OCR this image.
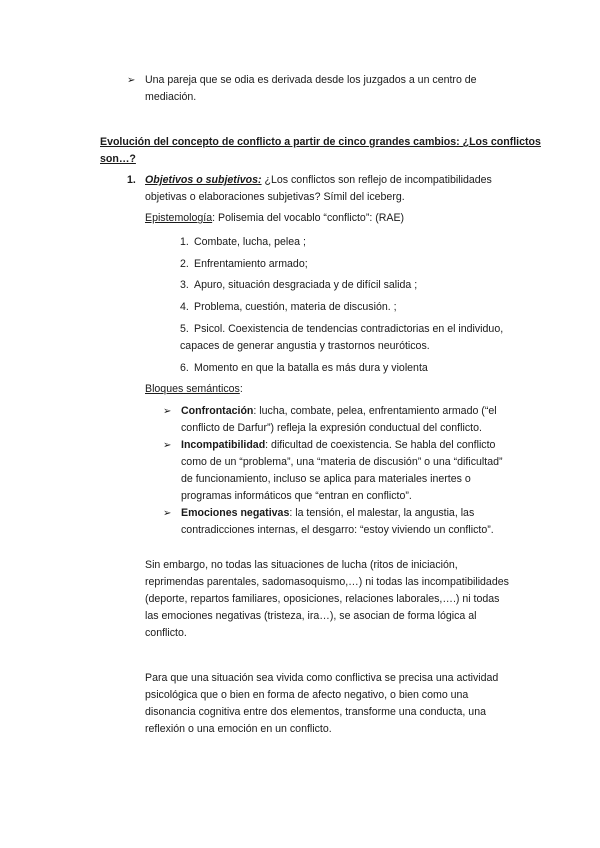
➢ Una pareja que se odia es derivada desde los juzgados a un centro de
mediación.
Evolución del concepto de conflicto a partir de cinco grandes cambios: ¿Los conflictos
son…?
1. Objetivos o subjetivos: ¿Los conflictos son reflejo de incompatibilidades
objetivas o elaboraciones subjetivas? Símil del iceberg.
Epistemología: Polisemia del vocablo “conflicto”: (RAE)
1. Combate, lucha, pelea ;
2. Enfrentamiento armado;
3. Apuro, situación desgraciada y de difícil salida ;
4. Problema, cuestión, materia de discusión. ;
5. Psicol. Coexistencia de tendencias contradictorias en el individuo,
capaces de generar angustia y trastornos neuróticos.
6. Momento en que la batalla es más dura y violenta
Bloques semánticos:
➢ Confrontación: lucha, combate, pelea, enfrentamiento armado (“el
conflicto de Darfur”) refleja la expresión conductual del conflicto.
➢ Incompatibilidad: dificultad de coexistencia. Se habla del conflicto
como de un “problema”, una “materia de discusión” o una “dificultad”
de funcionamiento, incluso se aplica para materiales inertes o
programas informáticos que “entran en conflicto”.
➢ Emociones negativas: la tensión, el malestar, la angustia, las
contradicciones internas, el desgarro: “estoy viviendo un conflicto”.
Sin embargo, no todas las situaciones de lucha (ritos de iniciación,
reprimendas parentales, sadomasoquismo,…) ni todas las incompatibilidades
(deporte, repartos familiares, oposiciones, relaciones laborales,….) ni todas
las emociones negativas (tristeza, ira…), se asocian de forma lógica al
conflicto.
Para que una situación sea vivida como conflictiva se precisa una actividad
psicológica que o bien en forma de afecto negativo, o bien como una
disonancia cognitiva entre dos elementos, transforme una conducta, una
reflexión o una emoción en un conflicto.
